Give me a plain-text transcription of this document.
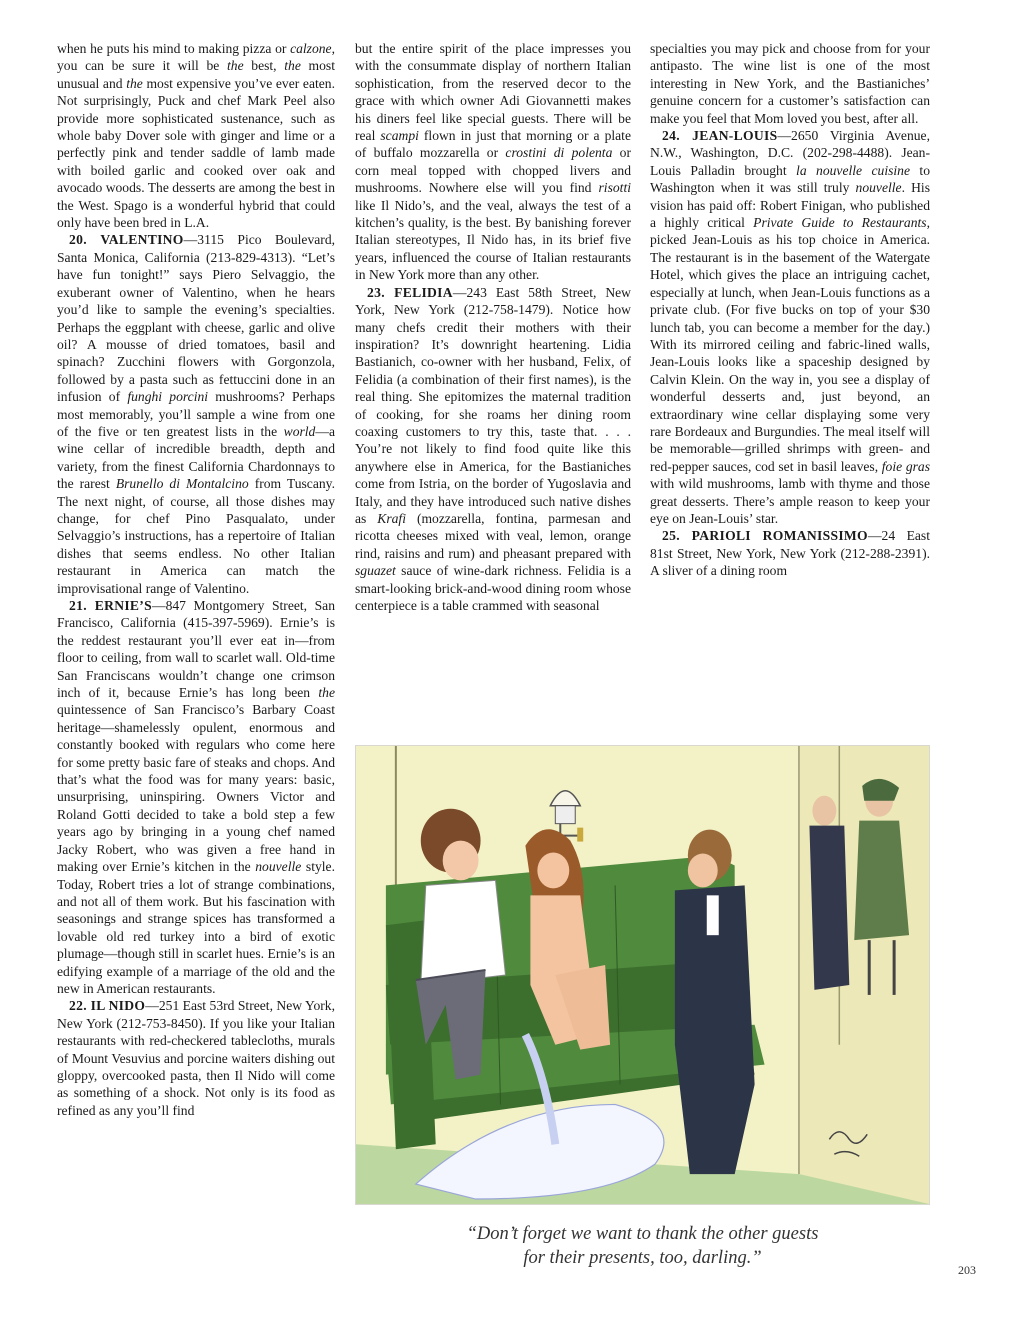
when he puts his mind to making pizza or calzone, you can be sure it will be the best, the most unusual and the most expensive you’ve ever eaten. Not surprisingly, Puck and chef Mark Peel also provide more sophisticated sustenance, such as whole baby Dover sole with ginger and lime or a perfectly pink and tender saddle of lamb made with boiled garlic and cooked over oak and avocado woods. The desserts are among the best in the West. Spago is a wonderful hybrid that could only have been bred in L.A.

20. VALENTINO—3115 Pico Boulevard, Santa Monica, California (213-829-4313). “Let’s have fun tonight!” says Piero Selvaggio, the exuberant owner of Valentino, when he hears you’d like to sample the evening’s specialties. Perhaps the eggplant with cheese, garlic and olive oil? A mousse of dried tomatoes, basil and spinach? Zucchini flowers with Gorgonzola, followed by a pasta such as fettuccini done in an infusion of funghi porcini mushrooms? Perhaps most memorably, you’ll sample a wine from one of the five or ten greatest lists in the world—a wine cellar of incredible breadth, depth and variety, from the finest California Chardonnays to the rarest Brunello di Montalcino from Tuscany. The next night, of course, all those dishes may change, for chef Pino Pasqualato, under Selvaggio’s instructions, has a repertoire of Italian dishes that seems endless. No other Italian restaurant in America can match the improvisational range of Valentino.

21. ERNIE’S—847 Montgomery Street, San Francisco, California (415-397-5969). Ernie’s is the reddest restaurant you’ll ever eat in—from floor to ceiling, from wall to scarlet wall. Old-time San Franciscans wouldn’t change one crimson inch of it, because Ernie’s has long been the quintessence of San Francisco’s Barbary Coast heritage—shamelessly opulent, enormous and constantly booked with regulars who come here for some pretty basic fare of steaks and chops. And that’s what the food was for many years: basic, unsurprising, uninspiring. Owners Victor and Roland Gotti decided to take a bold step a few years ago by bringing in a young chef named Jacky Robert, who was given a free hand in making over Ernie’s kitchen in the nouvelle style. Today, Robert tries a lot of strange combinations, and not all of them work. But his fascination with seasonings and strange spices has transformed a lovable old red turkey into a bird of exotic plumage—though still in scarlet hues. Ernie’s is an edifying example of a marriage of the old and the new in American restaurants.

22. IL NIDO—251 East 53rd Street, New York, New York (212-753-8450). If you like your Italian restaurants with red-checkered tablecloths, murals of Mount Vesuvius and porcine waiters dishing out gloppy, overcooked pasta, then Il Nido will come as something of a shock. Not only is its food as refined as any you’ll find

but the entire spirit of the place impresses you with the consummate display of northern Italian sophistication, from the reserved decor to the grace with which owner Adi Giovannetti makes his diners feel like special guests. There will be real scampi flown in just that morning or a plate of buffalo mozzarella or crostini di polenta or corn meal topped with chopped livers and mushrooms. Nowhere else will you find risotti like Il Nido’s, and the veal, always the test of a kitchen’s quality, is the best. By banishing forever Italian stereotypes, Il Nido has, in its brief five years, influenced the course of Italian restaurants in New York more than any other.

23. FELIDIA—243 East 58th Street, New York, New York (212-758-1479). Notice how many chefs credit their mothers with their inspiration? It’s downright heartening. Lidia Bastianich, co-owner with her husband, Felix, of Felidia (a combination of their first names), is the real thing. She epitomizes the maternal tradition of cooking, for she roams her dining room coaxing customers to try this, taste that. . . . You’re not likely to find food quite like this anywhere else in America, for the Bastianiches come from Istria, on the border of Yugoslavia and Italy, and they have introduced such native dishes as Krafi (mozzarella, fontina, parmesan and ricotta cheeses mixed with veal, lemon, orange rind, raisins and rum) and pheasant prepared with sguazet sauce of wine-dark richness. Felidia is a smart-looking brick-and-wood dining room whose centerpiece is a table crammed with seasonal

specialties you may pick and choose from for your antipasto. The wine list is one of the most interesting in New York, and the Bastianiches’ genuine concern for a customer’s satisfaction can make you feel that Mom loved you best, after all.

24. JEAN-LOUIS—2650 Virginia Avenue, N.W., Washington, D.C. (202-298-4488). Jean-Louis Palladin brought la nouvelle cuisine to Washington when it was still truly nouvelle. His vision has paid off: Robert Finigan, who published a highly critical Private Guide to Restaurants, picked Jean-Louis as his top choice in America. The restaurant is in the basement of the Watergate Hotel, which gives the place an intriguing cachet, especially at lunch, when Jean-Louis functions as a private club. (For five bucks on top of your $30 lunch tab, you can become a member for the day.) With its mirrored ceiling and fabric-lined walls, Jean-Louis looks like a spaceship designed by Calvin Klein. On the way in, you see a display of wonderful desserts and, just beyond, an extraordinary wine cellar displaying some very rare Bordeaux and Burgundies. The meal itself will be memorable—grilled shrimps with green- and red-pepper sauces, cod set in basil leaves, foie gras with wild mushrooms, lamb with thyme and those great desserts. There’s ample reason to keep your eye on Jean-Louis’ star.

25. PARIOLI ROMANISSIMO—24 East 81st Street, New York, New York (212-288-2391). A sliver of a dining room

“Don’t forget we want to thank the other guests
for their presents, too, darling.”
203
